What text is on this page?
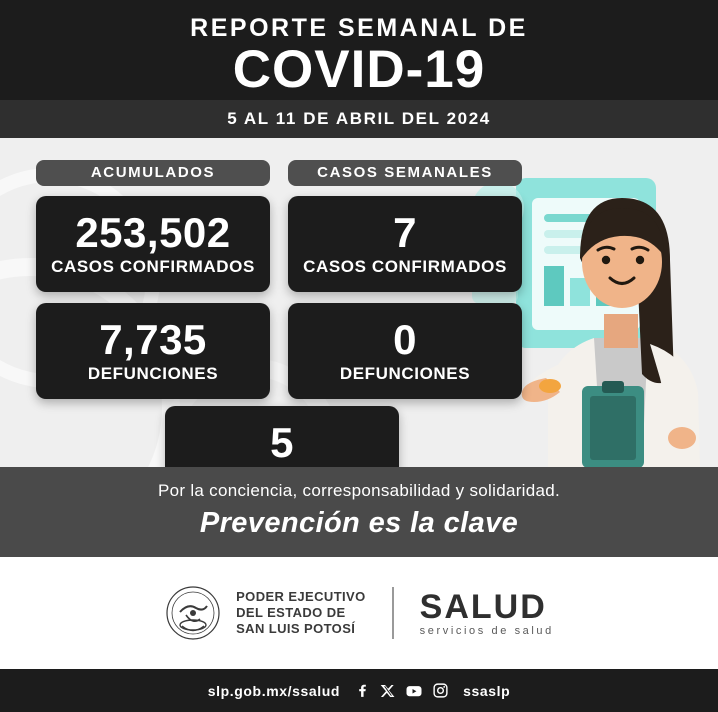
REPORTE SEMANAL DE
COVID-19
5 AL 11 DE ABRIL DEL 2024
ACUMULADOS	CASOS SEMANALES
253,502
CASOS CONFIRMADOS
7
CASOS CONFIRMADOS
7,735
DEFUNCIONES
0
DEFUNCIONES
5
Por la conciencia, corresponsabilidad y solidaridad.
Prevención es la clave
PODER EJECUTIVO
DEL ESTADO DE
SAN LUIS POTOSÍ
SALUD
servicios de salud
slp.gob.mx/ssalud	ssaslp
